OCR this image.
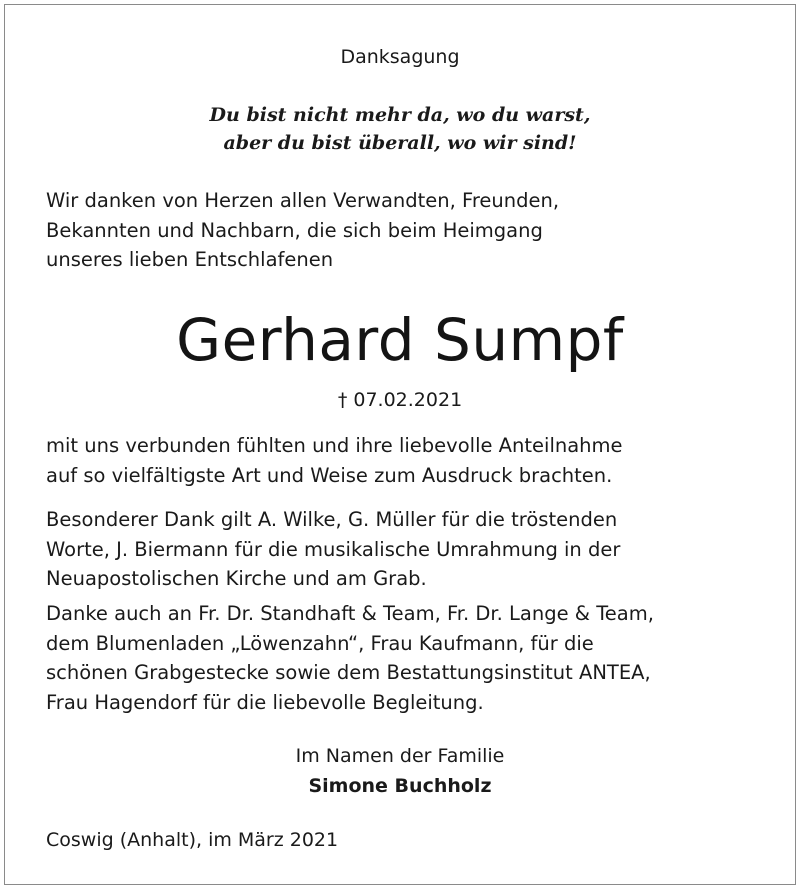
Danksagung
Du bist nicht mehr da, wo du warst,
aber du bist überall, wo wir sind!
Wir danken von Herzen allen Verwandten, Freunden,
Bekannten und Nachbarn, die sich beim Heimgang
unseres lieben Entschlafenen
Gerhard Sumpf
† 07.02.2021
mit uns verbunden fühlten und ihre liebevolle Anteilnahme
auf so vielfältigste Art und Weise zum Ausdruck brachten.
Besonderer Dank gilt A. Wilke, G. Müller für die tröstenden
Worte, J. Biermann für die musikalische Umrahmung in der
Neuapostolischen Kirche und am Grab.
Danke auch an Fr. Dr. Standhaft & Team, Fr. Dr. Lange & Team,
dem Blumenladen „Löwenzahn“, Frau Kaufmann, für die
schönen Grabgestecke sowie dem Bestattungsinstitut ANTEA,
Frau Hagendorf für die liebevolle Begleitung.
Im Namen der Familie
Simone Buchholz
Coswig (Anhalt), im März 2021
